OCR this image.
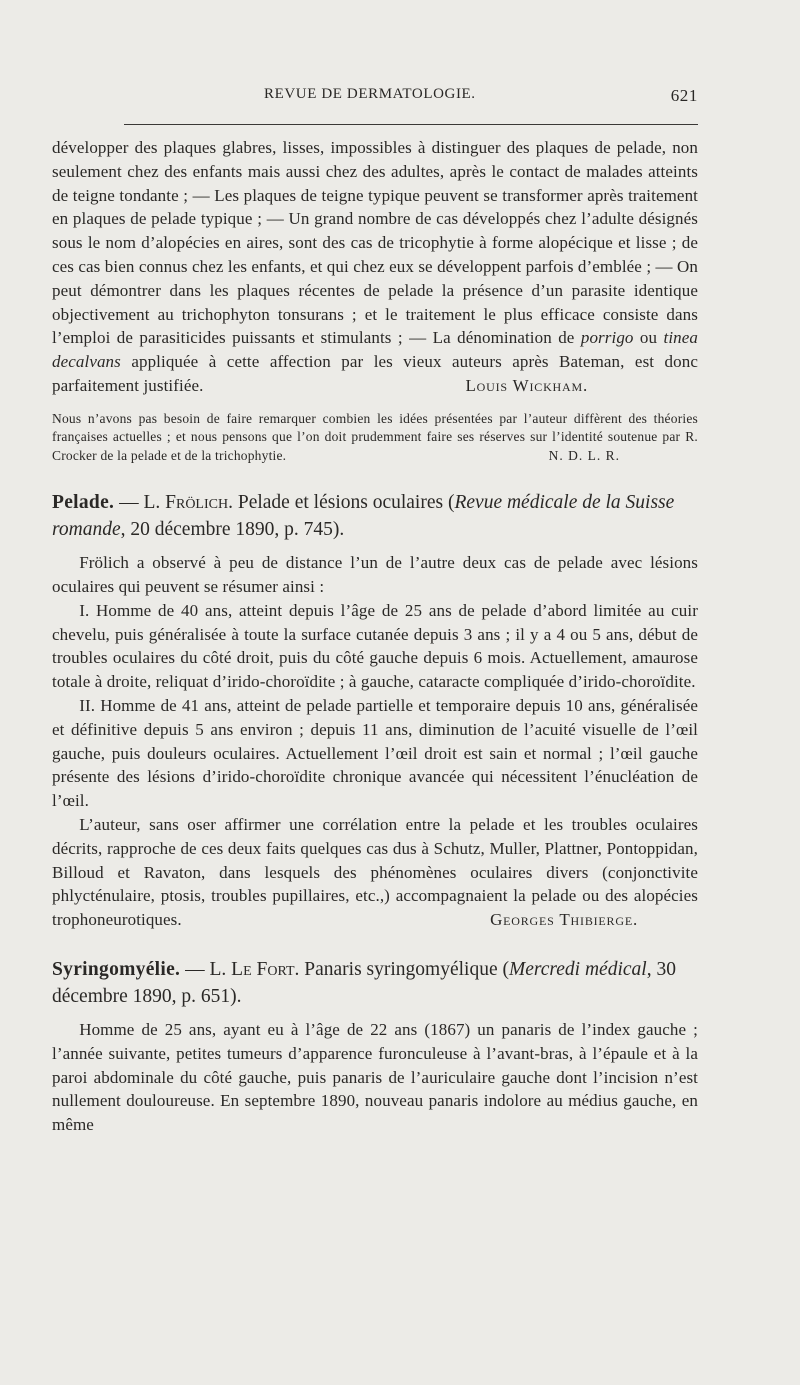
REVUE DE DERMATOLOGIE.	621

développer des plaques glabres, lisses, impossibles à distinguer des plaques de pelade, non seulement chez des enfants mais aussi chez des adultes, après le contact de malades atteints de teigne tondante ; — Les plaques de teigne typique peuvent se transformer après traitement en plaques de pelade typique ; — Un grand nombre de cas développés chez l’adulte désignés sous le nom d’alopécies en aires, sont des cas de tricophytie à forme alopécique et lisse ; de ces cas bien connus chez les enfants, et qui chez eux se développent parfois d’emblée ; — On peut démontrer dans les plaques récentes de pelade la présence d’un parasite identique objectivement au trichophyton tonsurans ; et le traitement le plus efficace consiste dans l’emploi de parasiticides puissants et stimulants ; — La dénomination de porrigo ou tinea decalvans appliquée à cette affection par les vieux auteurs après Bateman, est donc parfaitement justifiée.	Louis Wickham.

Nous n’avons pas besoin de faire remarquer combien les idées présentées par l’auteur diffèrent des théories françaises actuelles ; et nous pensons que l’on doit prudemment faire ses réserves sur l’identité soutenue par R. Crocker de la pelade et de la trichophytie.	N. D. L. R.
Pelade. — L. Frölich. Pelade et lésions oculaires (Revue médicale de la Suisse romande, 20 décembre 1890, p. 745).

Frölich a observé à peu de distance l’un de l’autre deux cas de pelade avec lésions oculaires qui peuvent se résumer ainsi :

I. Homme de 40 ans, atteint depuis l’âge de 25 ans de pelade d’abord limitée au cuir chevelu, puis généralisée à toute la surface cutanée depuis 3 ans ; il y a 4 ou 5 ans, début de troubles oculaires du côté droit, puis du côté gauche depuis 6 mois. Actuellement, amaurose totale à droite, reliquat d’irido-choroïdite ; à gauche, cataracte compliquée d’irido-choroïdite.

II. Homme de 41 ans, atteint de pelade partielle et temporaire depuis 10 ans, généralisée et définitive depuis 5 ans environ ; depuis 11 ans, diminution de l’acuité visuelle de l’œil gauche, puis douleurs oculaires. Actuellement l’œil droit est sain et normal ; l’œil gauche présente des lésions d’irido-choroïdite chronique avancée qui nécessitent l’énucléation de l’œil.

L’auteur, sans oser affirmer une corrélation entre la pelade et les troubles oculaires décrits, rapproche de ces deux faits quelques cas dus à Schutz, Muller, Plattner, Pontoppidan, Billoud et Ravaton, dans lesquels des phénomènes oculaires divers (conjonctivite phlycténulaire, ptosis, troubles pupillaires, etc.,) accompagnaient la pelade ou des alopécies trophoneurotiques.	Georges Thibierge.

Syringomyélie. — L. Le Fort. Panaris syringomyélique (Mercredi médical, 30 décembre 1890, p. 651).

Homme de 25 ans, ayant eu à l’âge de 22 ans (1867) un panaris de l’index gauche ; l’année suivante, petites tumeurs d’apparence furonculeuse à l’avant-bras, à l’épaule et à la paroi abdominale du côté gauche, puis panaris de l’auriculaire gauche dont l’incision n’est nullement douloureuse. En septembre 1890, nouveau panaris indolore au médius gauche, en même
